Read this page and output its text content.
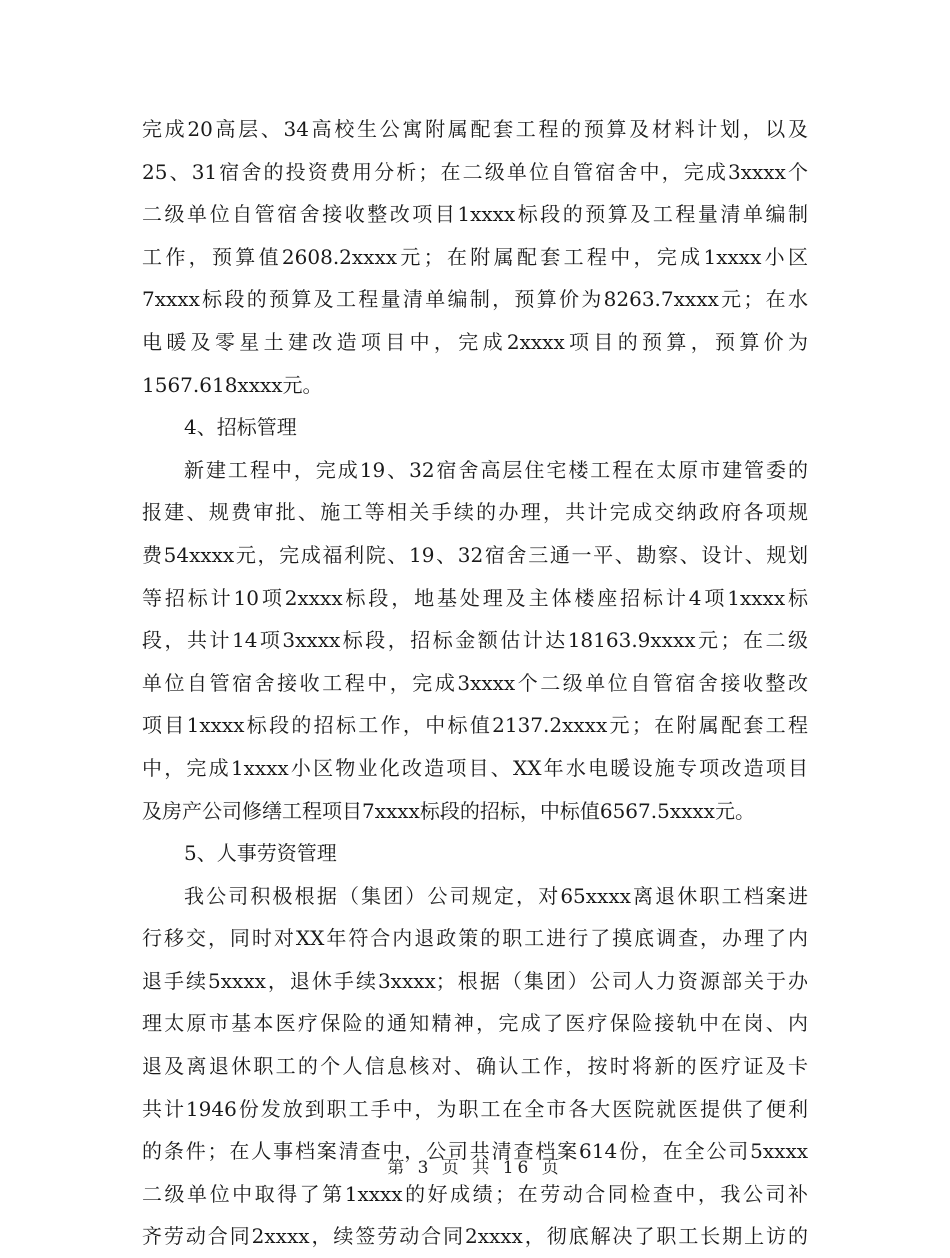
完成20高层、34高校生公寓附属配套工程的预算及材料计划，以及
25、31宿舍的投资费用分析；在二级单位自管宿舍中，完成3xxxx个
二级单位自管宿舍接收整改项目1xxxx标段的预算及工程量清单编制
工作，预算值2608.2xxxx元；在附属配套工程中，完成1xxxx小区
7xxxx标段的预算及工程量清单编制，预算价为8263.7xxxx元；在水
电暖及零星土建改造项目中，完成2xxxx项目的预算，预算价为
1567.618xxxx元。
4、招标管理
新建工程中，完成19、32宿舍高层住宅楼工程在太原市建管委的
报建、规费审批、施工等相关手续的办理，共计完成交纳政府各项规
费54xxxx元，完成福利院、19、32宿舍三通一平、勘察、设计、规划
等招标计10项2xxxx标段，地基处理及主体楼座招标计4项1xxxx标
段，共计14项3xxxx标段，招标金额估计达18163.9xxxx元；在二级
单位自管宿舍接收工程中，完成3xxxx个二级单位自管宿舍接收整改
项目1xxxx标段的招标工作，中标值2137.2xxxx元；在附属配套工程
中，完成1xxxx小区物业化改造项目、XX年水电暖设施专项改造项目
及房产公司修缮工程项目7xxxx标段的招标，中标值6567.5xxxx元。
5、人事劳资管理
我公司积极根据（集团）公司规定，对65xxxx离退休职工档案进
行移交，同时对XX年符合内退政策的职工进行了摸底调查，办理了内
退手续5xxxx，退休手续3xxxx；根据（集团）公司人力资源部关于办
理太原市基本医疗保险的通知精神，完成了医疗保险接轨中在岗、内
退及离退休职工的个人信息核对、确认工作，按时将新的医疗证及卡
共计1946份发放到职工手中，为职工在全市各大医院就医提供了便利
的条件；在人事档案清查中，公司共清查档案614份，在全公司5xxxx
二级单位中取得了第1xxxx的好成绩；在劳动合同检查中，我公司补
齐劳动合同2xxxx，续签劳动合同2xxxx，彻底解决了职工长期上访的
第 3 页 共 16 页
